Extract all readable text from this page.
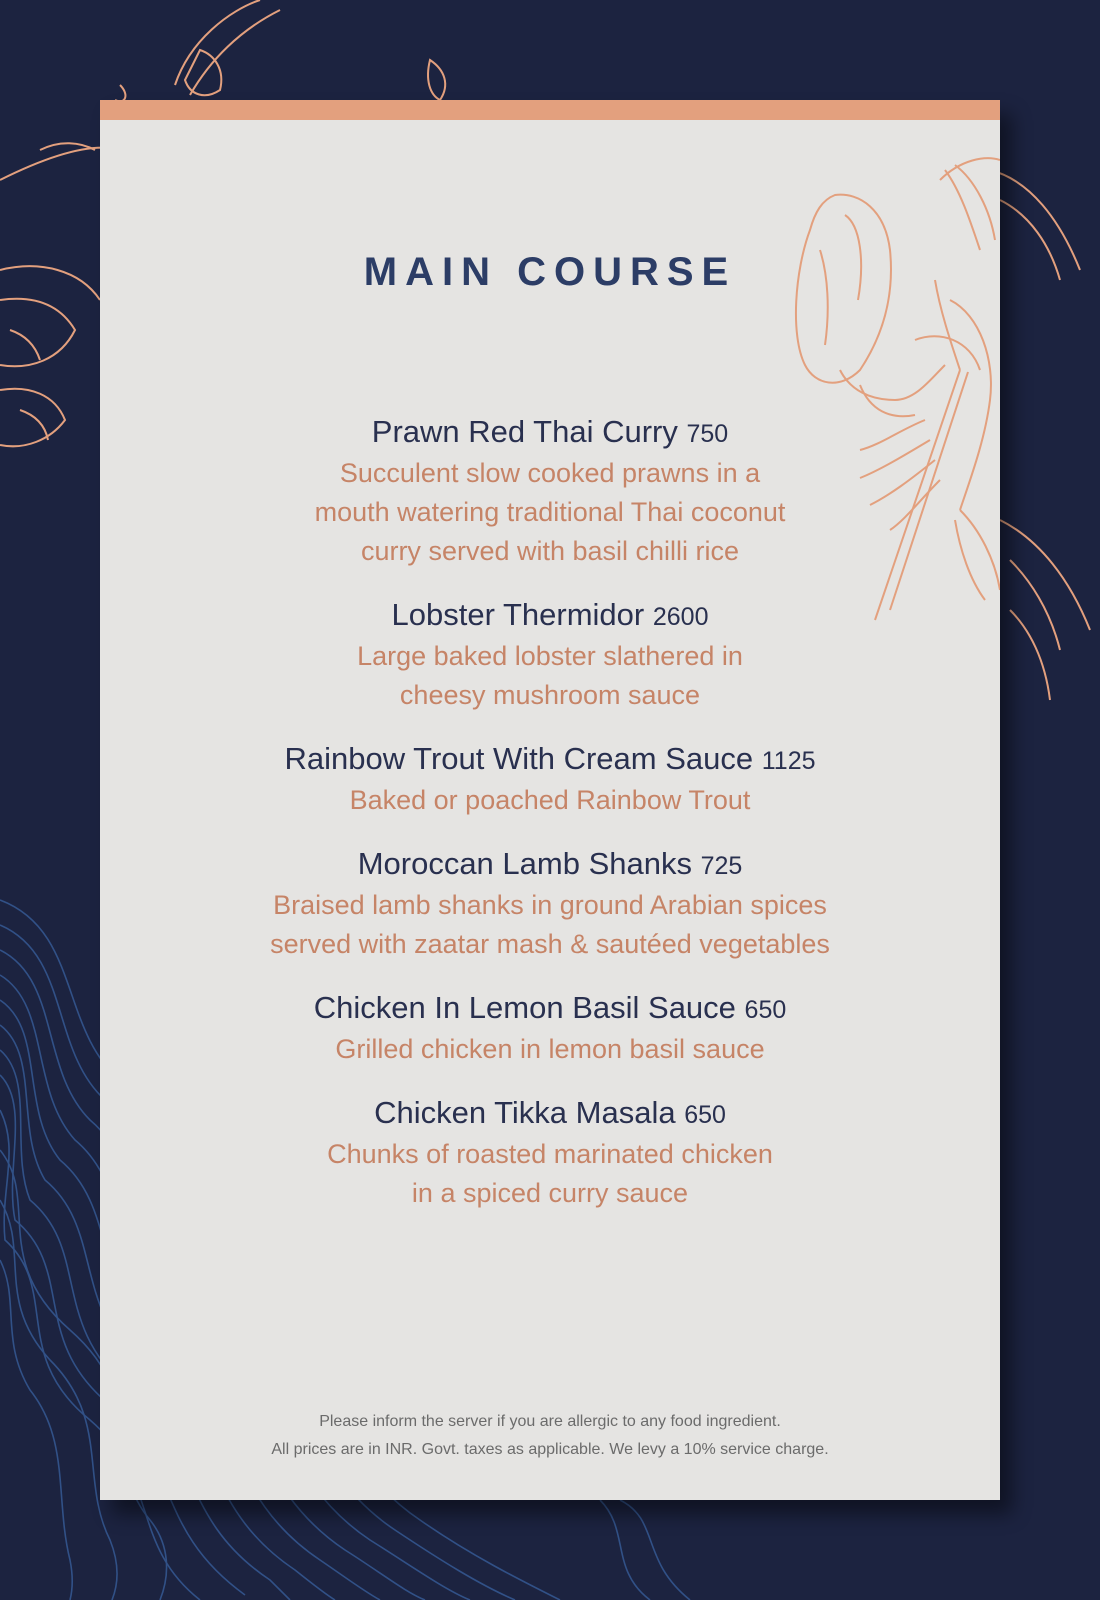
MAIN COURSE
Prawn Red Thai Curry 750
Succulent slow cooked prawns in a
mouth watering traditional Thai coconut
curry served with basil chilli rice
Lobster Thermidor 2600
Large baked lobster slathered in
cheesy mushroom sauce
Rainbow Trout With Cream Sauce 1125
Baked or poached Rainbow Trout
Moroccan Lamb Shanks 725
Braised lamb shanks in ground Arabian spices
served with zaatar mash & sautéed vegetables
Chicken In Lemon Basil Sauce 650
Grilled chicken in lemon basil sauce
Chicken Tikka Masala 650
Chunks of roasted marinated chicken
in a spiced curry sauce
Please inform the server if you are allergic to any food ingredient.
All prices are in INR. Govt. taxes as applicable. We levy a 10% service charge.
